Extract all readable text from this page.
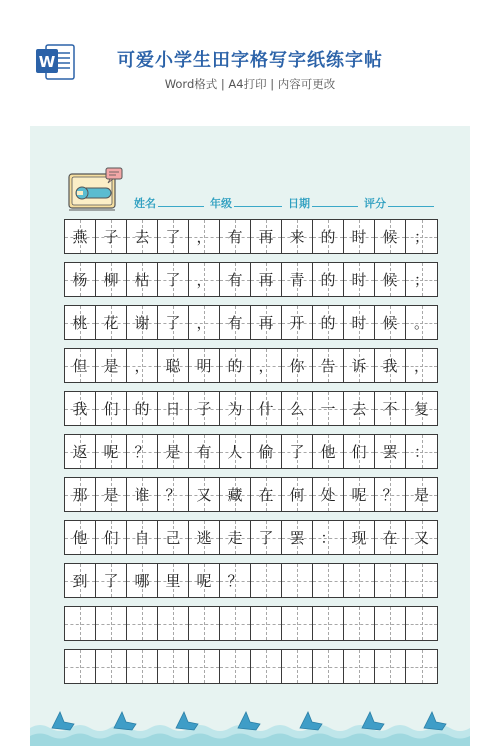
W	可爱小学生田字格写字纸练字帖
Word格式 | A4打印 | 内容可更改
姓名	年级	日期	评分
燕	子	去	了	，	有	再	来	的	时	候	；
杨	柳	枯	了	，	有	再	青	的	时	候	；
桃	花	谢	了	，	有	再	开	的	时	候	。
但	是	，	聪	明	的	，	你	告	诉	我	，
我	们	的	日	子	为	什	么	一	去	不	复
返	呢	？	是	有	人	偷	了	他	们	罢	：
那	是	谁	？	又	藏	在	何	处	呢	？	是
他	们	自	己	逃	走	了	罢	：	现	在	又
到	了	哪	里	呢	？
